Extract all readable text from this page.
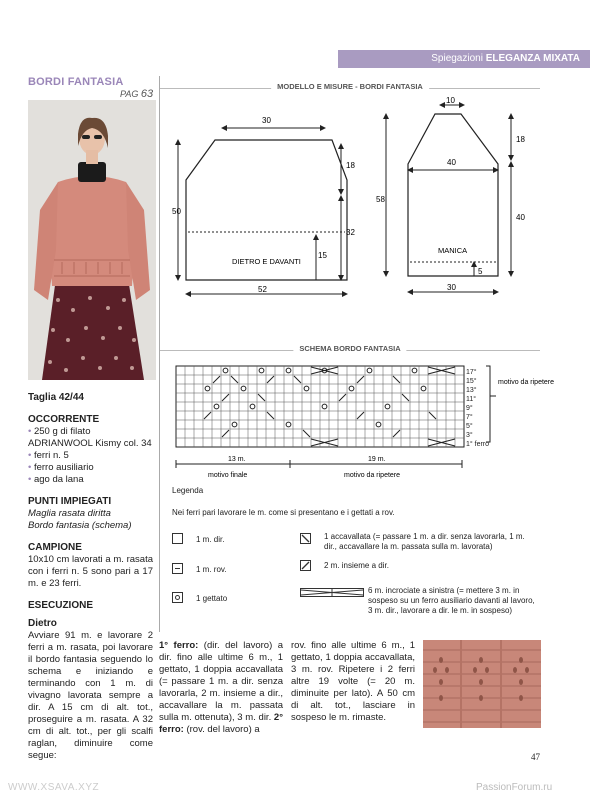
Spiegazioni ELEGANZA MIXATA
BORDI FANTASIA
PAG 63
Taglia 42/44
OCCORRENTE
• 250 g di filato ADRIANWOOL Kismy col. 34
• ferri n. 5
• ferro ausiliario
• ago da lana
PUNTI IMPIEGATI
Maglia rasata diritta
Bordo fantasia (schema)
CAMPIONE

10x10 cm lavorati a m. rasata con i ferri n. 5 sono pari a 17 m. e 23 ferri.

ESECUZIONE
Dietro

Avviare 91 m. e lavorare 2 ferri a m. rasata, poi lavorare il bordo fantasia seguendo lo schema e iniziando e terminando con 1 m. di vivagno lavorata sempre a dir. A 15 cm di alt. tot., proseguire a m. rasata. A 32 cm di alt. tot., per gli scalfi raglan, diminuire come segue:

MODELLO E MISURE - BORDI FANTASIA
30
52
50
18
32
15
DIETRO E DAVANTI
10
40
30
58
18
40
5
MANICA
SCHEMA BORDO FANTASIA
17°
15°
13°
11°
9°
7°
5°
3°
1° ferro
motivo da ripetere
13 m.	19 m.
motivo finale	motivo da ripetere
Legenda
Nei ferri pari lavorare le m. come si presentano e i gettati a rov.
1 m. dir.
1 m. rov.
1 gettato
1 accavallata (= passare 1 m. a dir. senza lavorarla, 1 m. dir., accavallare la m. passata sulla m. lavorata)
2 m. insieme a dir.
6 m. incrociate a sinistra (= mettere 3 m. in sospeso su un ferro ausiliario davanti al lavoro, 3 m. dir., lavorare a dir. le m. in sospeso)
1° ferro: (dir. del lavoro) a dir. fino alle ultime 6 m., 1 gettato, 1 doppia accavallata (= passare 1 m. a dir. senza lavorarla, 2 m. insieme a dir., accavallare la m. passata sulla m. ottenuta), 3 m. dir. 2° ferro: (rov. del lavoro) a
rov. fino alle ultime 6 m., 1 gettato, 1 doppia accavallata, 3 m. rov. Ripetere i 2 ferri altre 19 volte (= 20 m. diminuite per lato). A 50 cm di alt. tot., lasciare in sospeso le m. rimaste.
47
WWW.XSAVA.XYZ	PassionForum.ru
